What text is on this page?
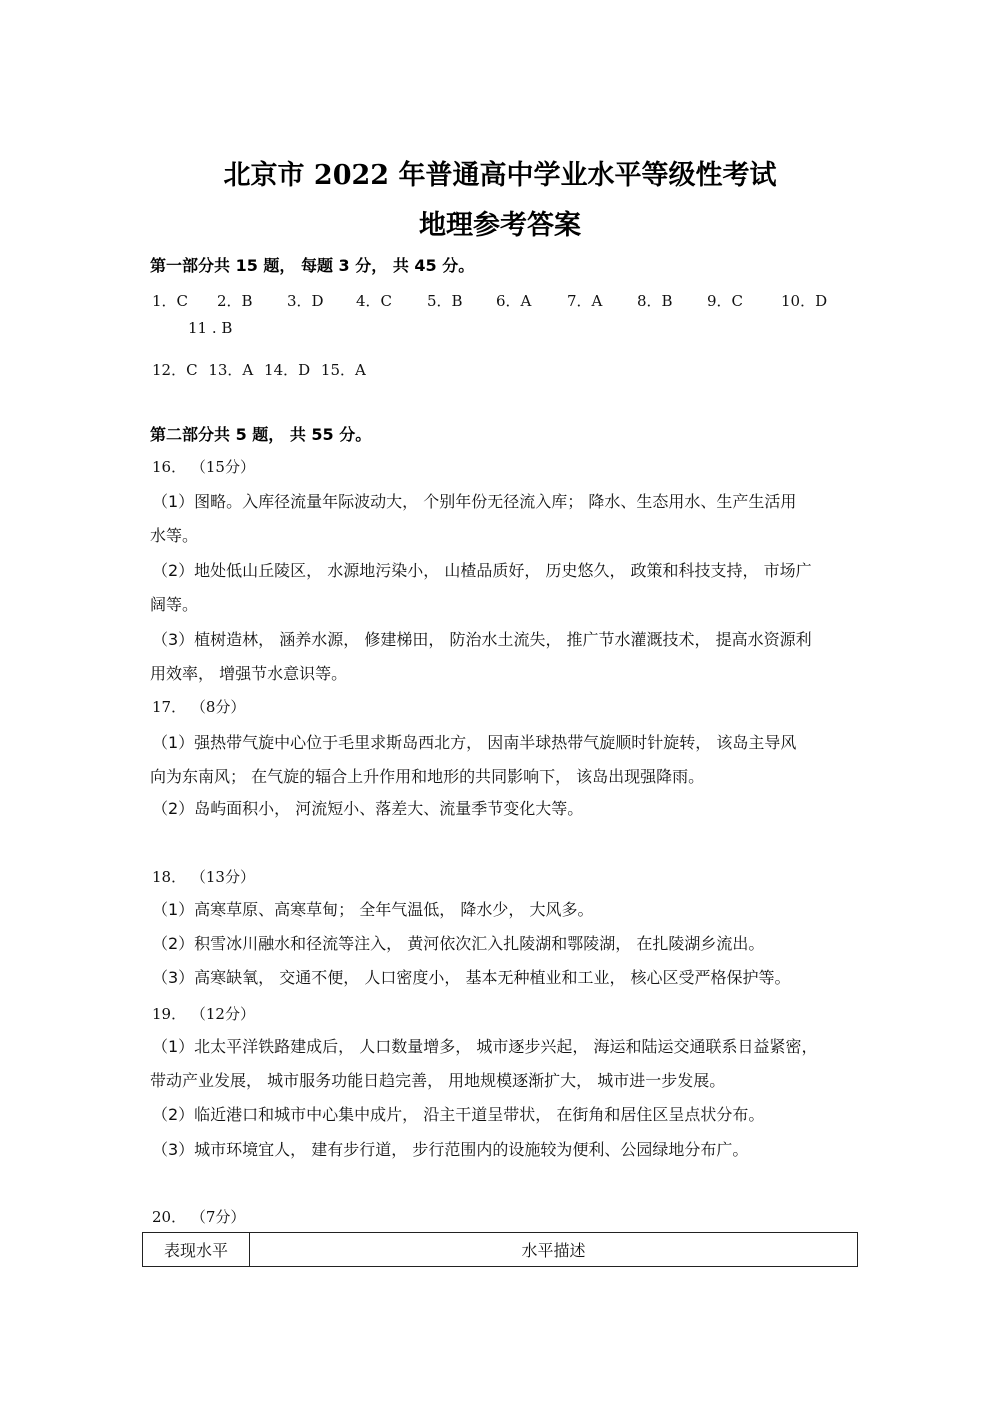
北京市 2022 年普通高中学业水平等级性考试
地理参考答案
第一部分共 15 题， 每题 3 分， 共 45 分。
1．C 2．B 3．D 4．C 5．B 6．A 7．A 8．B 9．C	10．D
11 . B
12．C 13．A 14．D 15．A
第二部分共 5 题， 共 55 分。
16． （15分）
（1）图略。入库径流量年际波动大， 个别年份无径流入库； 降水、生态用水、生产生活用
水等。
（2）地处低山丘陵区， 水源地污染小， 山楂品质好， 历史悠久， 政策和科技支持， 市场广
阔等。
（3）植树造林， 涵养水源， 修建梯田， 防治水土流失， 推广节水灌溉技术， 提高水资源利
用效率， 增强节水意识等。
17． （8分）
（1）强热带气旋中心位于毛里求斯岛西北方， 因南半球热带气旋顺时针旋转， 该岛主导风
向为东南风； 在气旋的辐合上升作用和地形的共同影响下， 该岛出现强降雨。
（2）岛屿面积小， 河流短小、落差大、流量季节变化大等。
18． （13分）
（1）高寒草原、高寒草甸； 全年气温低， 降水少， 大风多。
（2）积雪冰川融水和径流等注入， 黄河依次汇入扎陵湖和鄂陵湖， 在扎陵湖乡流出。
（3）高寒缺氧， 交通不便， 人口密度小， 基本无种植业和工业， 核心区受严格保护等。
19． （12分）
（1）北太平洋铁路建成后， 人口数量增多， 城市逐步兴起， 海运和陆运交通联系日益紧密，
带动产业发展， 城市服务功能日趋完善， 用地规模逐渐扩大， 城市进一步发展。
（2）临近港口和城市中心集中成片， 沿主干道呈带状， 在街角和居住区呈点状分布。
（3）城市环境宜人， 建有步行道， 步行范围内的设施较为便利、公园绿地分布广。
20． （7分）
表现水平	水平描述
